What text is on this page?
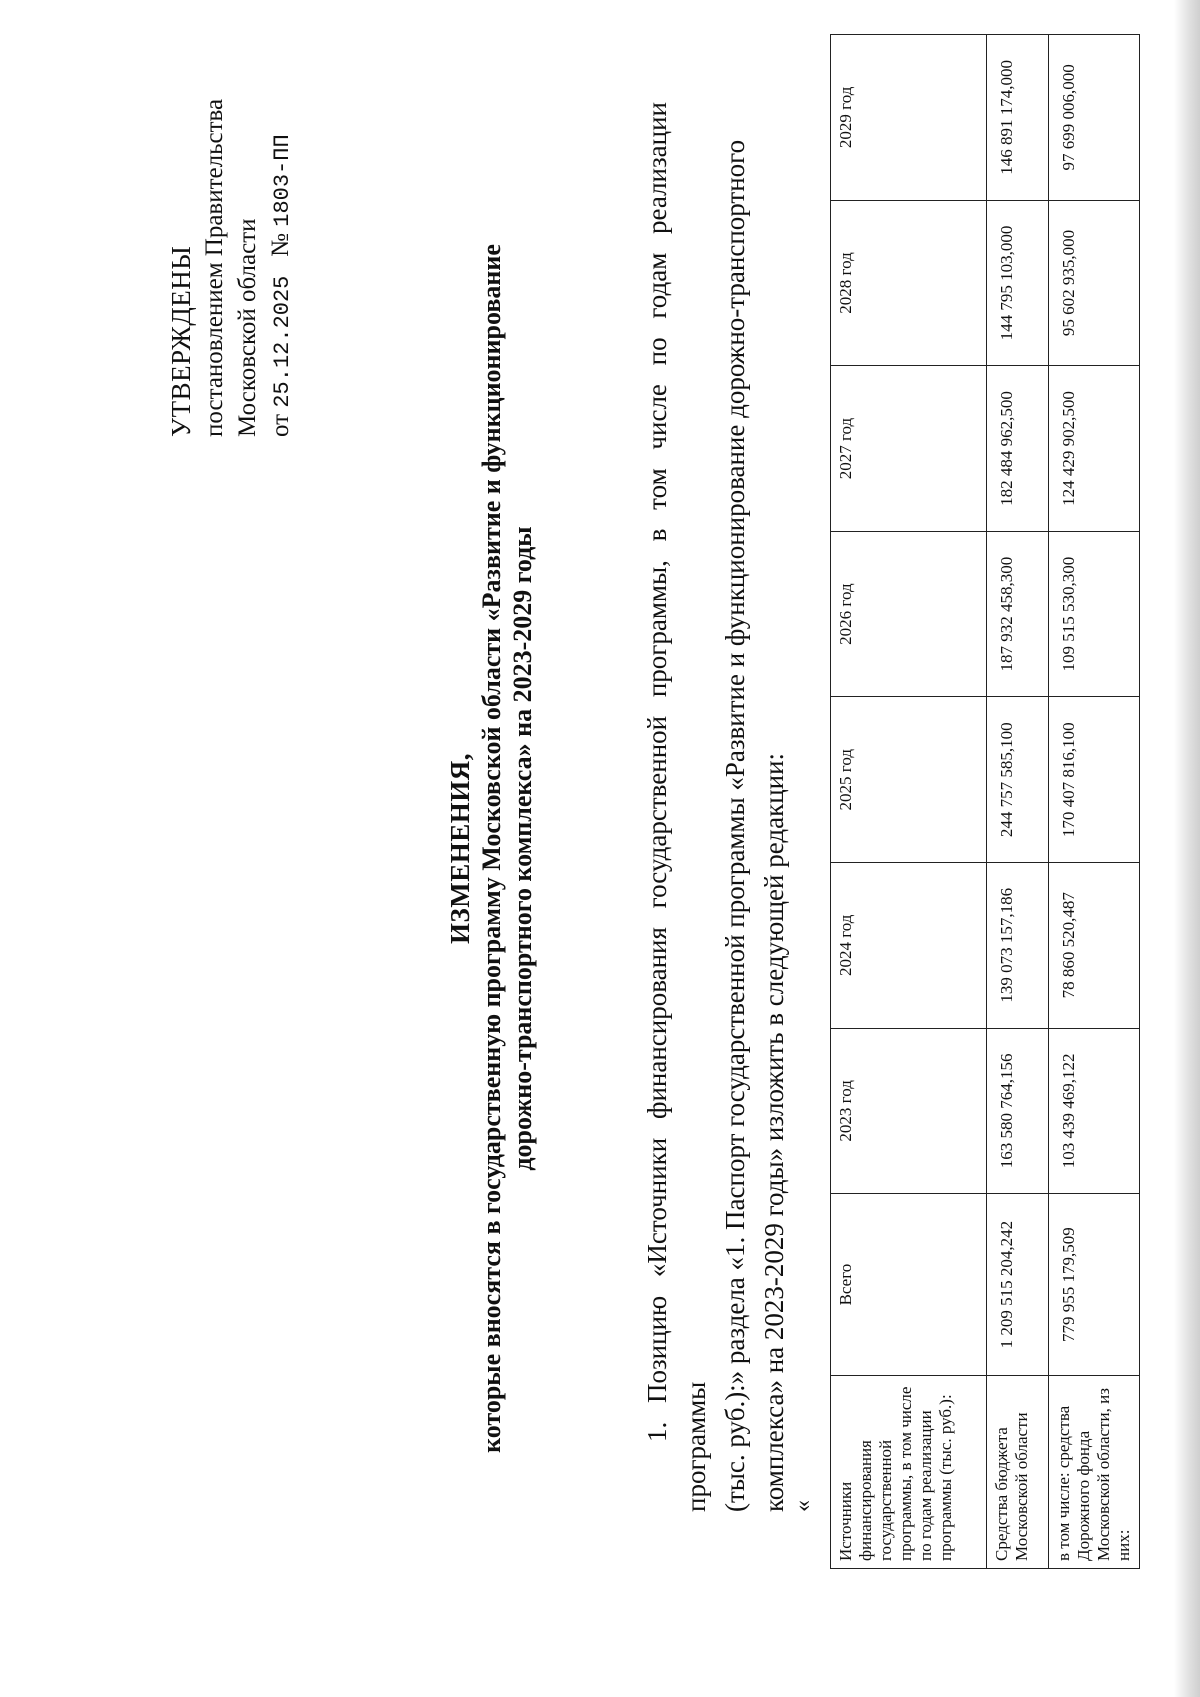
УТВЕРЖДЕНЫ постановлением Правительства Московской области от 25.12.2025   № 1803-ПП
ИЗМЕНЕНИЯ, которые вносятся в государственную программу Московской области «Развитие и функционирование дорожно-транспортного комплекса» на 2023-2029 годы	1. Позицию «Источники финансирования государственной программы, в том числе по годам реализации программы (тыс. руб.):» раздела «1. Паспорт государственной программы «Развитие и функционирование дорожно-транспортного комплекса» на 2023-2029 годы» изложить в следующей редакции: « Источники финансирования государственной программы, в том числе по годам реализации программы (тыс. руб.):	Всего	2023 год	2024 год	2025 год	2026 год	2027 год	2028 год	2029 год
Средства бюджета Московской области	1 209 515 204,242	163 580 764,156	139 073 157,186	244 757 585,100	187 932 458,300	182 484 962,500	144 795 103,000	146 891 174,000
в том числе: средства Дорожного фонда Московской области, из них:	779 955 179,509	103 439 469,122	78 860 520,487	170 407 816,100	109 515 530,300	124 429 902,500	95 602 935,000	97 699 006,000
